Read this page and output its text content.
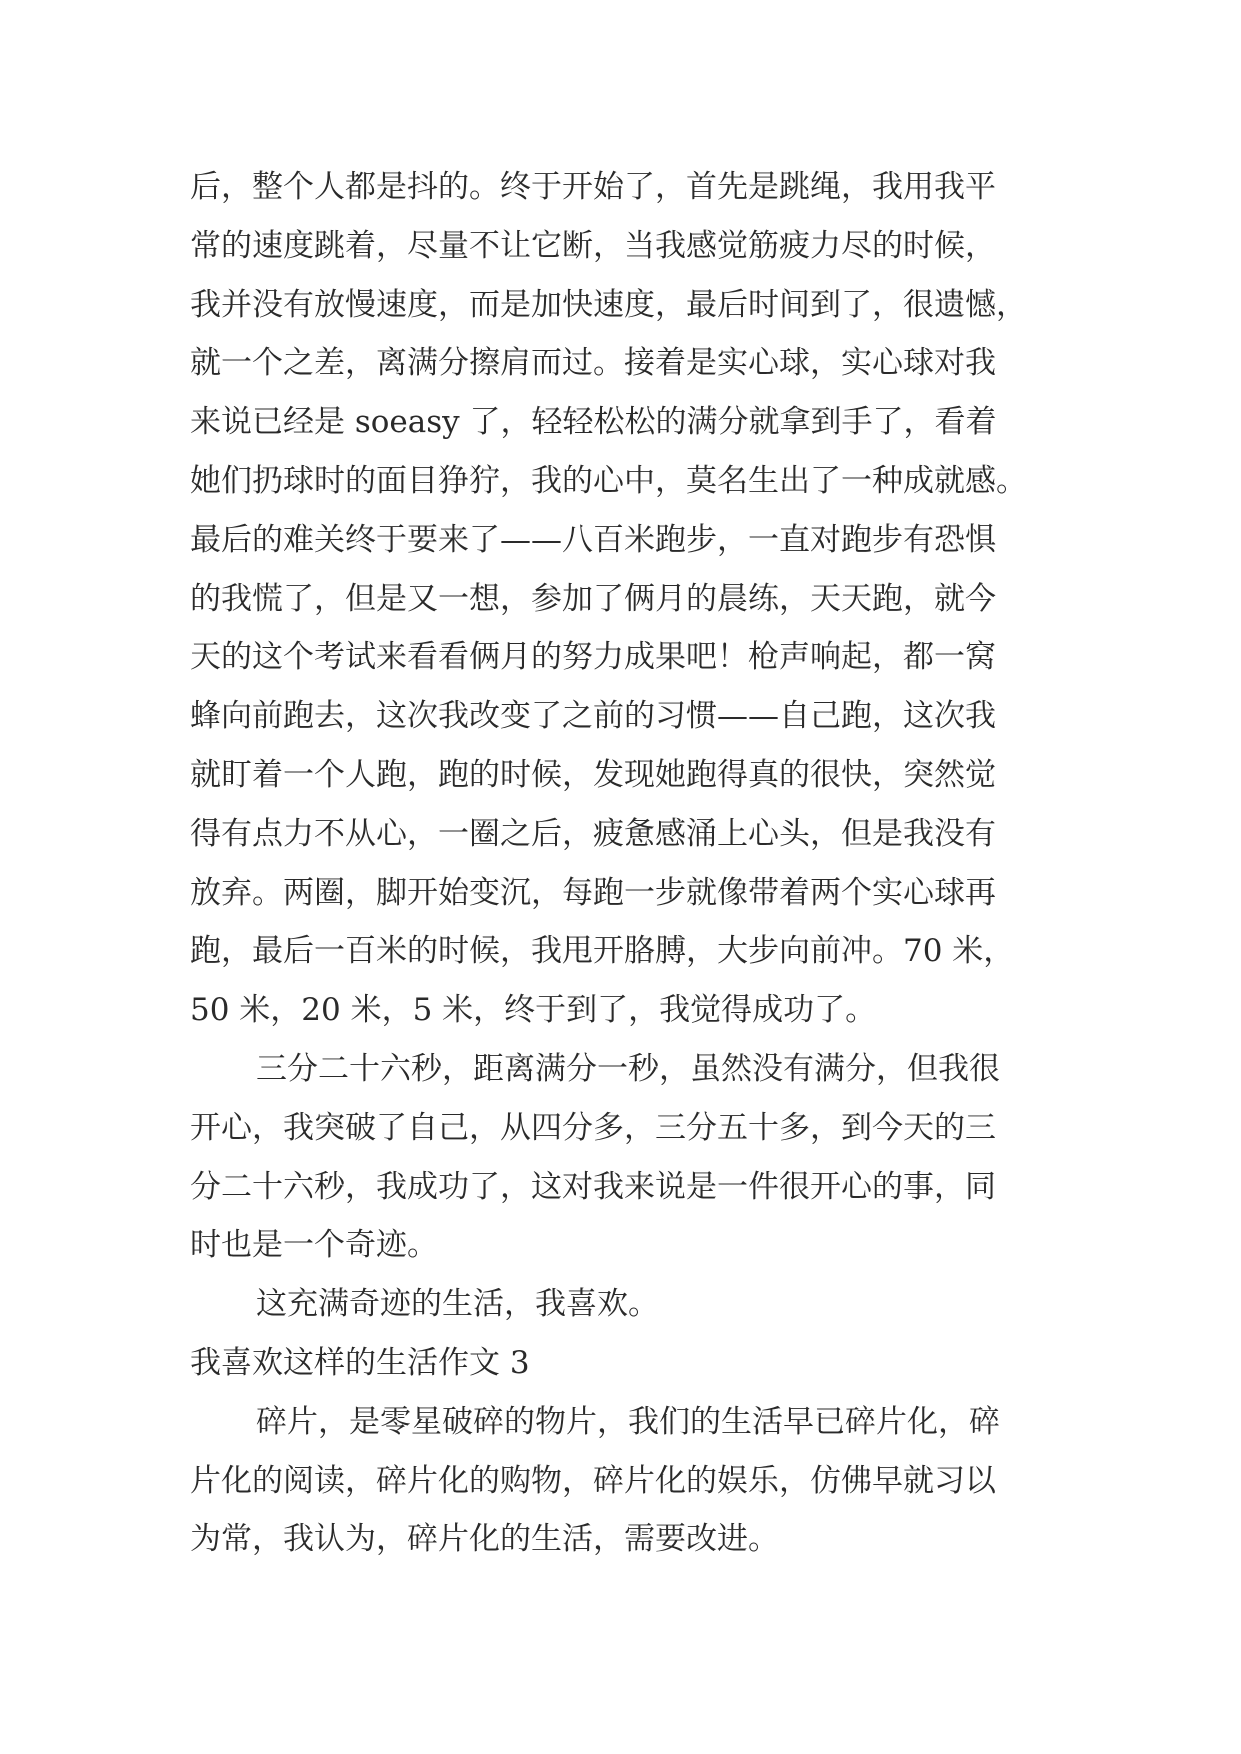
后，整个人都是抖的。终于开始了，首先是跳绳，我用我平
常的速度跳着，尽量不让它断，当我感觉筋疲力尽的时候，
我并没有放慢速度，而是加快速度，最后时间到了，很遗憾，
就一个之差，离满分擦肩而过。接着是实心球，实心球对我
来说已经是 soeasy 了，轻轻松松的满分就拿到手了，看着
她们扔球时的面目狰狞，我的心中，莫名生出了一种成就感。
最后的难关终于要来了——八百米跑步，一直对跑步有恐惧
的我慌了，但是又一想，参加了俩月的晨练，天天跑，就今
天的这个考试来看看俩月的努力成果吧！枪声响起，都一窝
蜂向前跑去，这次我改变了之前的习惯——自己跑，这次我
就盯着一个人跑，跑的时候，发现她跑得真的很快，突然觉
得有点力不从心，一圈之后，疲惫感涌上心头，但是我没有
放弃。两圈，脚开始变沉，每跑一步就像带着两个实心球再
跑，最后一百米的时候，我甩开胳膊，大步向前冲。70 米，
50 米，20 米，5 米，终于到了，我觉得成功了。
三分二十六秒，距离满分一秒，虽然没有满分，但我很
开心，我突破了自己，从四分多，三分五十多，到今天的三
分二十六秒，我成功了，这对我来说是一件很开心的事，同
时也是一个奇迹。
这充满奇迹的生活，我喜欢。
我喜欢这样的生活作文 3
碎片，是零星破碎的物片，我们的生活早已碎片化，碎
片化的阅读，碎片化的购物，碎片化的娱乐，仿佛早就习以
为常，我认为，碎片化的生活，需要改进。
